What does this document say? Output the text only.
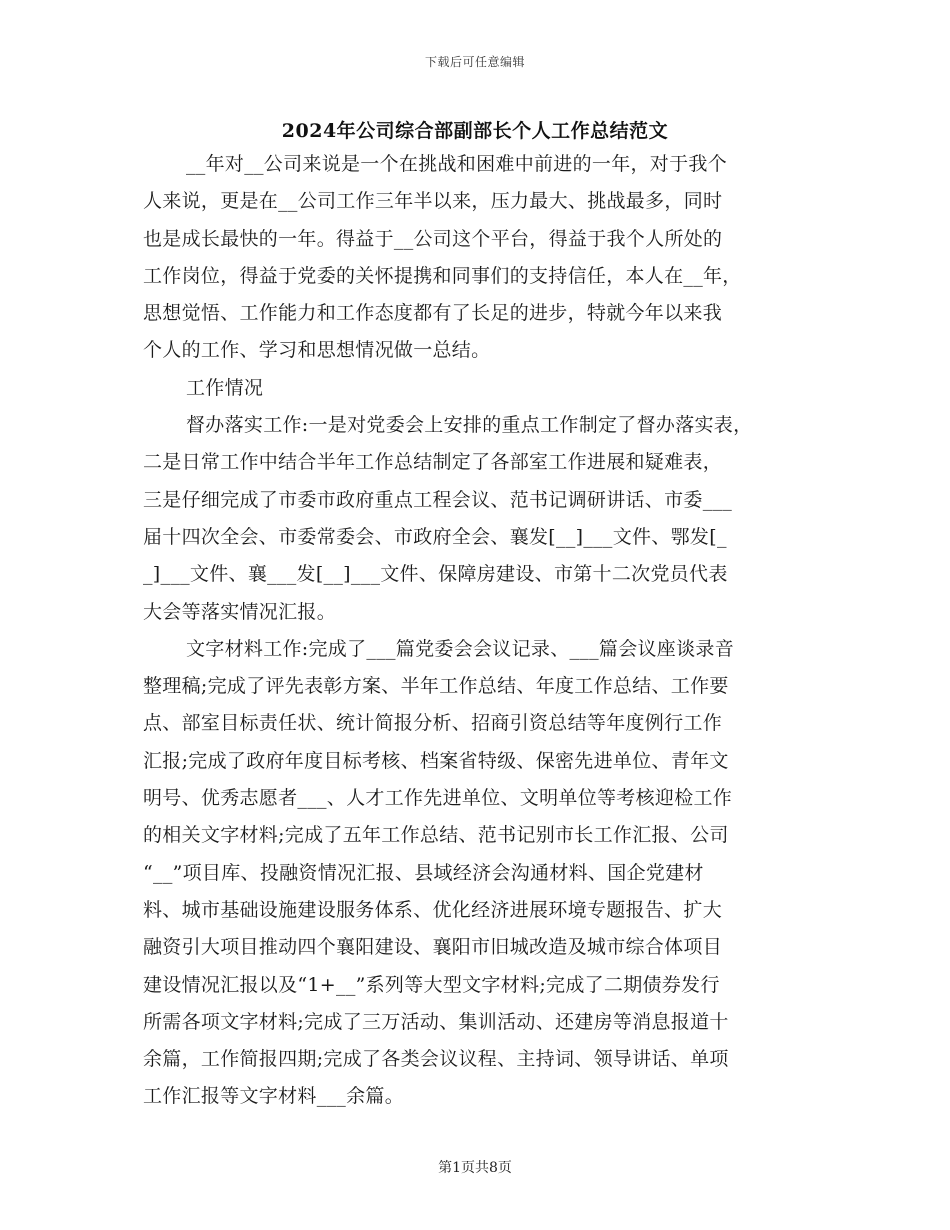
下载后可任意编辑
2024年公司综合部副部长个人工作总结范文
__年对__公司来说是一个在挑战和困难中前进的一年，对于我个
人来说，更是在__公司工作三年半以来，压力最大、挑战最多，同时
也是成长最快的一年。得益于__公司这个平台，得益于我个人所处的
工作岗位，得益于党委的关怀提携和同事们的支持信任，本人在__年，
思想觉悟、工作能力和工作态度都有了长足的进步，特就今年以来我
个人的工作、学习和思想情况做一总结。
工作情况
督办落实工作:一是对党委会上安排的重点工作制定了督办落实表，
二是日常工作中结合半年工作总结制定了各部室工作进展和疑难表，
三是仔细完成了市委市政府重点工程会议、范书记调研讲话、市委___
届十四次全会、市委常委会、市政府全会、襄发[__]___文件、鄂发[_
_]___文件、襄___发[__]___文件、保障房建设、市第十二次党员代表
大会等落实情况汇报。
文字材料工作:完成了___篇党委会会议记录、___篇会议座谈录音
整理稿;完成了评先表彰方案、半年工作总结、年度工作总结、工作要
点、部室目标责任状、统计简报分析、招商引资总结等年度例行工作
汇报;完成了政府年度目标考核、档案省特级、保密先进单位、青年文
明号、优秀志愿者___、人才工作先进单位、文明单位等考核迎检工作
的相关文字材料;完成了五年工作总结、范书记别市长工作汇报、公司
“__”项目库、投融资情况汇报、县域经济会沟通材料、国企党建材
料、城市基础设施建设服务体系、优化经济进展环境专题报告、扩大
融资引大项目推动四个襄阳建设、襄阳市旧城改造及城市综合体项目
建设情况汇报以及“1+__”系列等大型文字材料;完成了二期债券发行
所需各项文字材料;完成了三万活动、集训活动、还建房等消息报道十
余篇，工作简报四期;完成了各类会议议程、主持词、领导讲话、单项
工作汇报等文字材料___余篇。
第1页共8页
